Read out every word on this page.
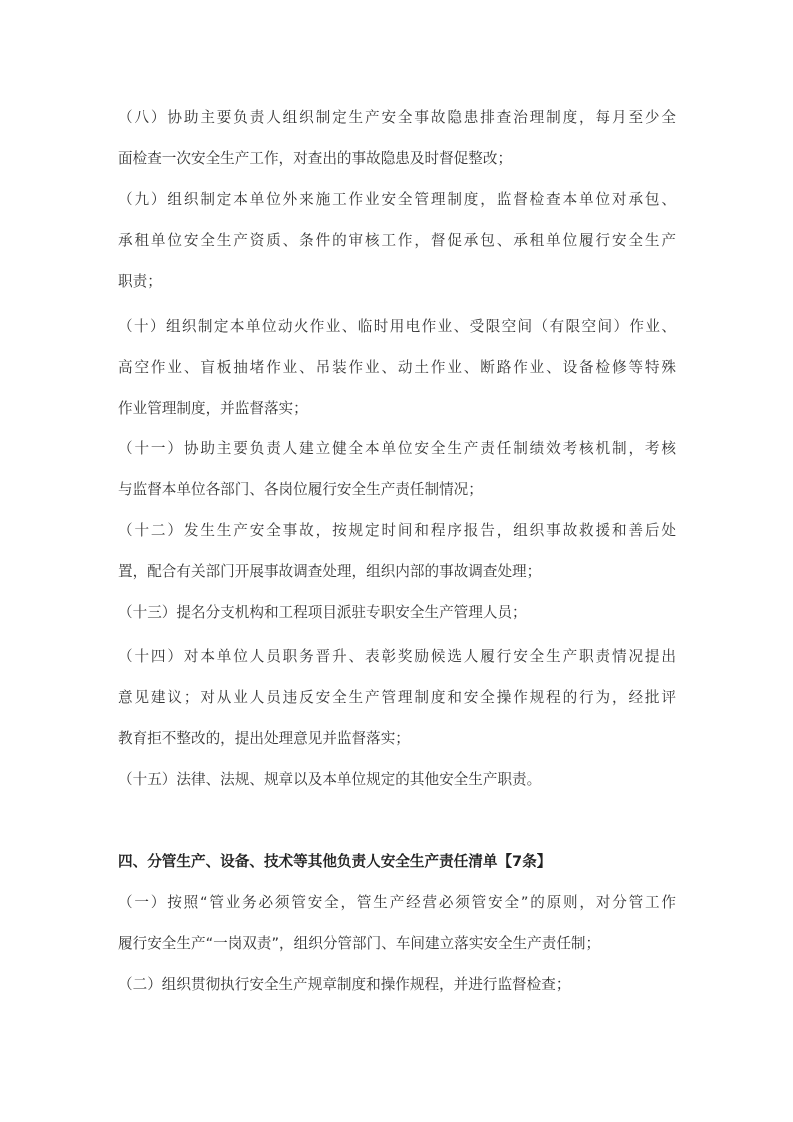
（八）协助主要负责人组织制定生产安全事故隐患排查治理制度，每月至少全
面检查一次安全生产工作，对查出的事故隐患及时督促整改；
（九）组织制定本单位外来施工作业安全管理制度，监督检查本单位对承包、
承租单位安全生产资质、条件的审核工作，督促承包、承租单位履行安全生产
职责；
（十）组织制定本单位动火作业、临时用电作业、受限空间（有限空间）作业、
高空作业、盲板抽堵作业、吊装作业、动土作业、断路作业、设备检修等特殊
作业管理制度，并监督落实；
（十一）协助主要负责人建立健全本单位安全生产责任制绩效考核机制，考核
与监督本单位各部门、各岗位履行安全生产责任制情况；
（十二）发生生产安全事故，按规定时间和程序报告，组织事故救援和善后处
置，配合有关部门开展事故调查处理，组织内部的事故调查处理；
（十三）提名分支机构和工程项目派驻专职安全生产管理人员；
（十四）对本单位人员职务晋升、表彰奖励候选人履行安全生产职责情况提出
意见建议；对从业人员违反安全生产管理制度和安全操作规程的行为，经批评
教育拒不整改的，提出处理意见并监督落实；
（十五）法律、法规、规章以及本单位规定的其他安全生产职责。
四、分管生产、设备、技术等其他负责人安全生产责任清单【7条】
（一）按照“管业务必须管安全，管生产经营必须管安全”的原则，对分管工作
履行安全生产“一岗双责”，组织分管部门、车间建立落实安全生产责任制；
（二）组织贯彻执行安全生产规章制度和操作规程，并进行监督检查；
